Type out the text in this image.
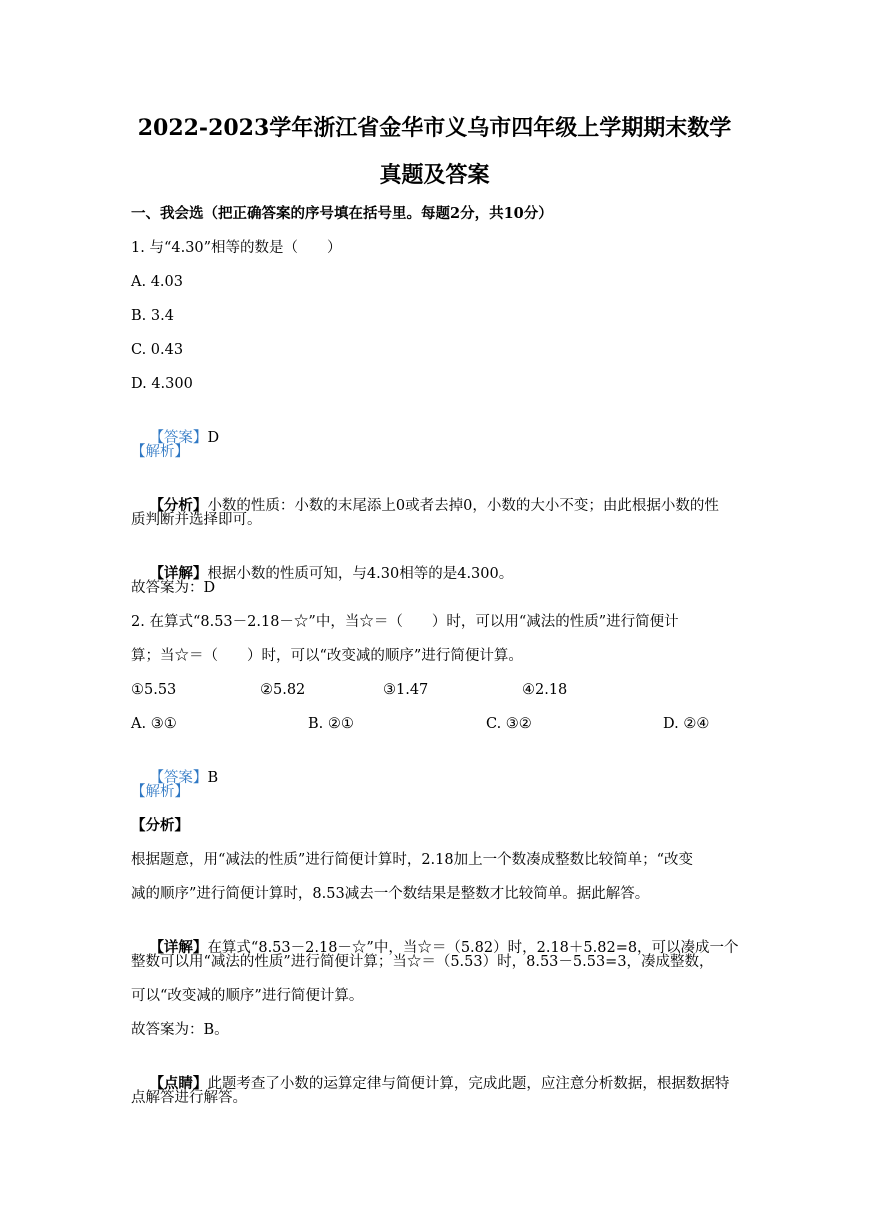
2022-2023学年浙江省金华市义乌市四年级上学期期末数学
真题及答案
一、我会选（把正确答案的序号填在括号里。每题2分，共10分）
1. 与“4.30”相等的数是（　　）
A. 4.03
B. 3.4
C. 0.43
D. 4.300

【答案】D

【解析】

【分析】小数的性质：小数的末尾添上0或者去掉0，小数的大小不变；由此根据小数的性

质判断并选择即可。

【详解】根据小数的性质可知，与4.30相等的是4.300。

故答案为：D
2. 在算式“8.53－2.18－☆”中，当☆＝（　　）时，可以用“减法的性质”进行简便计
算；当☆＝（　　）时，可以“改变减的顺序”进行简便计算。
①5.53	②5.82	③1.47	④2.18
A. ③①	B. ②①	C. ③②	D. ②④

【答案】B

【解析】
【分析】
根据题意，用“减法的性质”进行简便计算时，2.18加上一个数凑成整数比较简单；“改变
减的顺序”进行简便计算时，8.53减去一个数结果是整数才比较简单。据此解答。

【详解】在算式“8.53－2.18－☆”中，当☆＝（5.82）时，2.18＋5.82=8，可以凑成一个

整数可以用“减法的性质”进行简便计算；当☆＝（5.53）时，8.53－5.53=3，凑成整数，
可以“改变减的顺序”进行简便计算。
故答案为：B。

【点睛】此题考查了小数的运算定律与简便计算，完成此题，应注意分析数据，根据数据特

点解答进行解答。
